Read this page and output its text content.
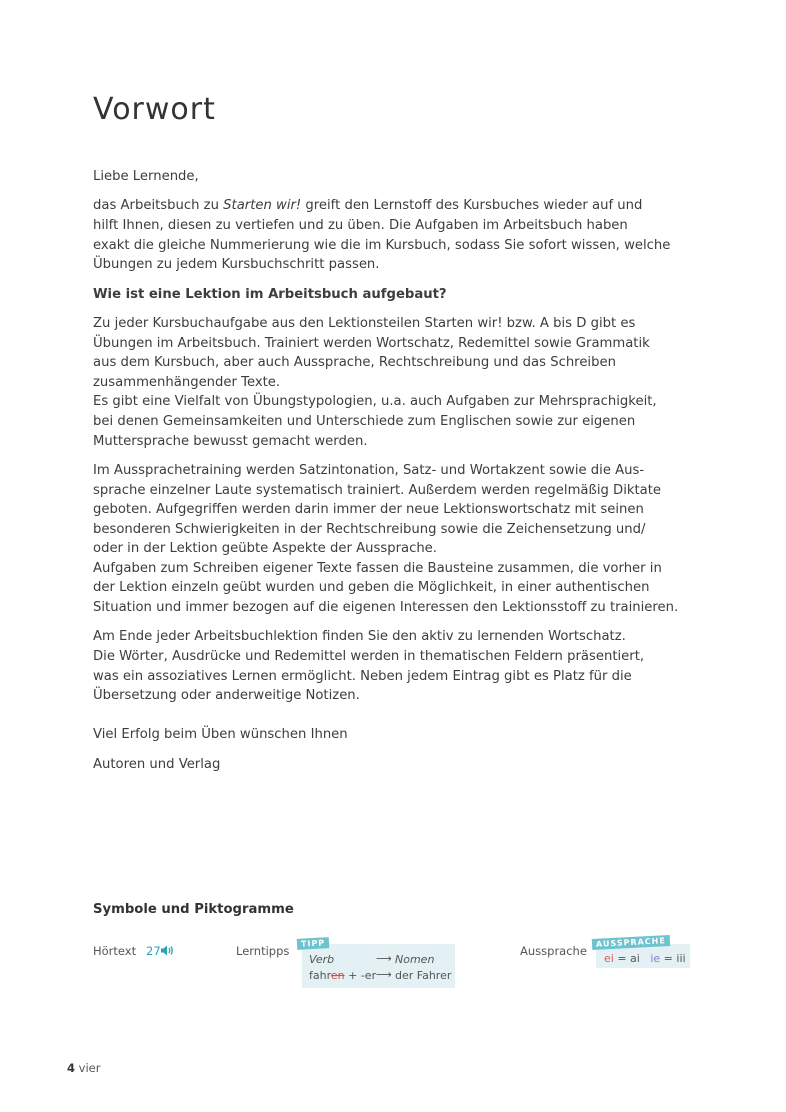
Vorwort

Liebe Lernende,

das Arbeitsbuch zu Starten wir! greift den Lernstoff des Kursbuches wieder auf und
hilft Ihnen, diesen zu vertiefen und zu üben. Die Aufgaben im Arbeitsbuch haben
exakt die gleiche Nummerierung wie die im Kursbuch, sodass Sie sofort wissen, welche
Übungen zu jedem Kursbuchschritt passen.

Wie ist eine Lektion im Arbeitsbuch aufgebaut?

Zu jeder Kursbuchaufgabe aus den Lektionsteilen Starten wir! bzw. A bis D gibt es
Übungen im Arbeitsbuch. Trainiert werden Wortschatz, Redemittel sowie Grammatik
aus dem Kursbuch, aber auch Aussprache, Rechtschreibung und das Schreiben
zusammenhängender Texte.
Es gibt eine Vielfalt von Übungstypologien, u.a. auch Aufgaben zur Mehrsprachigkeit,
bei denen Gemeinsamkeiten und Unterschiede zum Englischen sowie zur eigenen
Muttersprache bewusst gemacht werden.

Im Aussprachetraining werden Satzintonation, Satz- und Wortakzent sowie die Aus-
sprache einzelner Laute systematisch trainiert. Außerdem werden regelmäßig Diktate
geboten. Aufgegriffen werden darin immer der neue Lektionswortschatz mit seinen
besonderen Schwierigkeiten in der Rechtschreibung sowie die Zeichensetzung und/
oder in der Lektion geübte Aspekte der Aussprache.
Aufgaben zum Schreiben eigener Texte fassen die Bausteine zusammen, die vorher in
der Lektion einzeln geübt wurden und geben die Möglichkeit, in einer authentischen
Situation und immer bezogen auf die eigenen Interessen den Lektionsstoff zu trainieren.

Am Ende jeder Arbeitsbuchlektion finden Sie den aktiv zu lernenden Wortschatz.
Die Wörter, Ausdrücke und Redemittel werden in thematischen Feldern präsentiert,
was ein assoziatives Lernen ermöglicht. Neben jedem Eintrag gibt es Platz für die
Übersetzung oder anderweitige Notizen.

Viel Erfolg beim Üben wünschen Ihnen

Autoren und Verlag

Symbole und Piktogramme
Hörtext 27	Lerntipps
TIPP
Verb	⟶ Nomen
fahren + -er ⟶ der Fahrer
Aussprache
AUSSPRACHE
ei = ai ie = iii
4 vier
